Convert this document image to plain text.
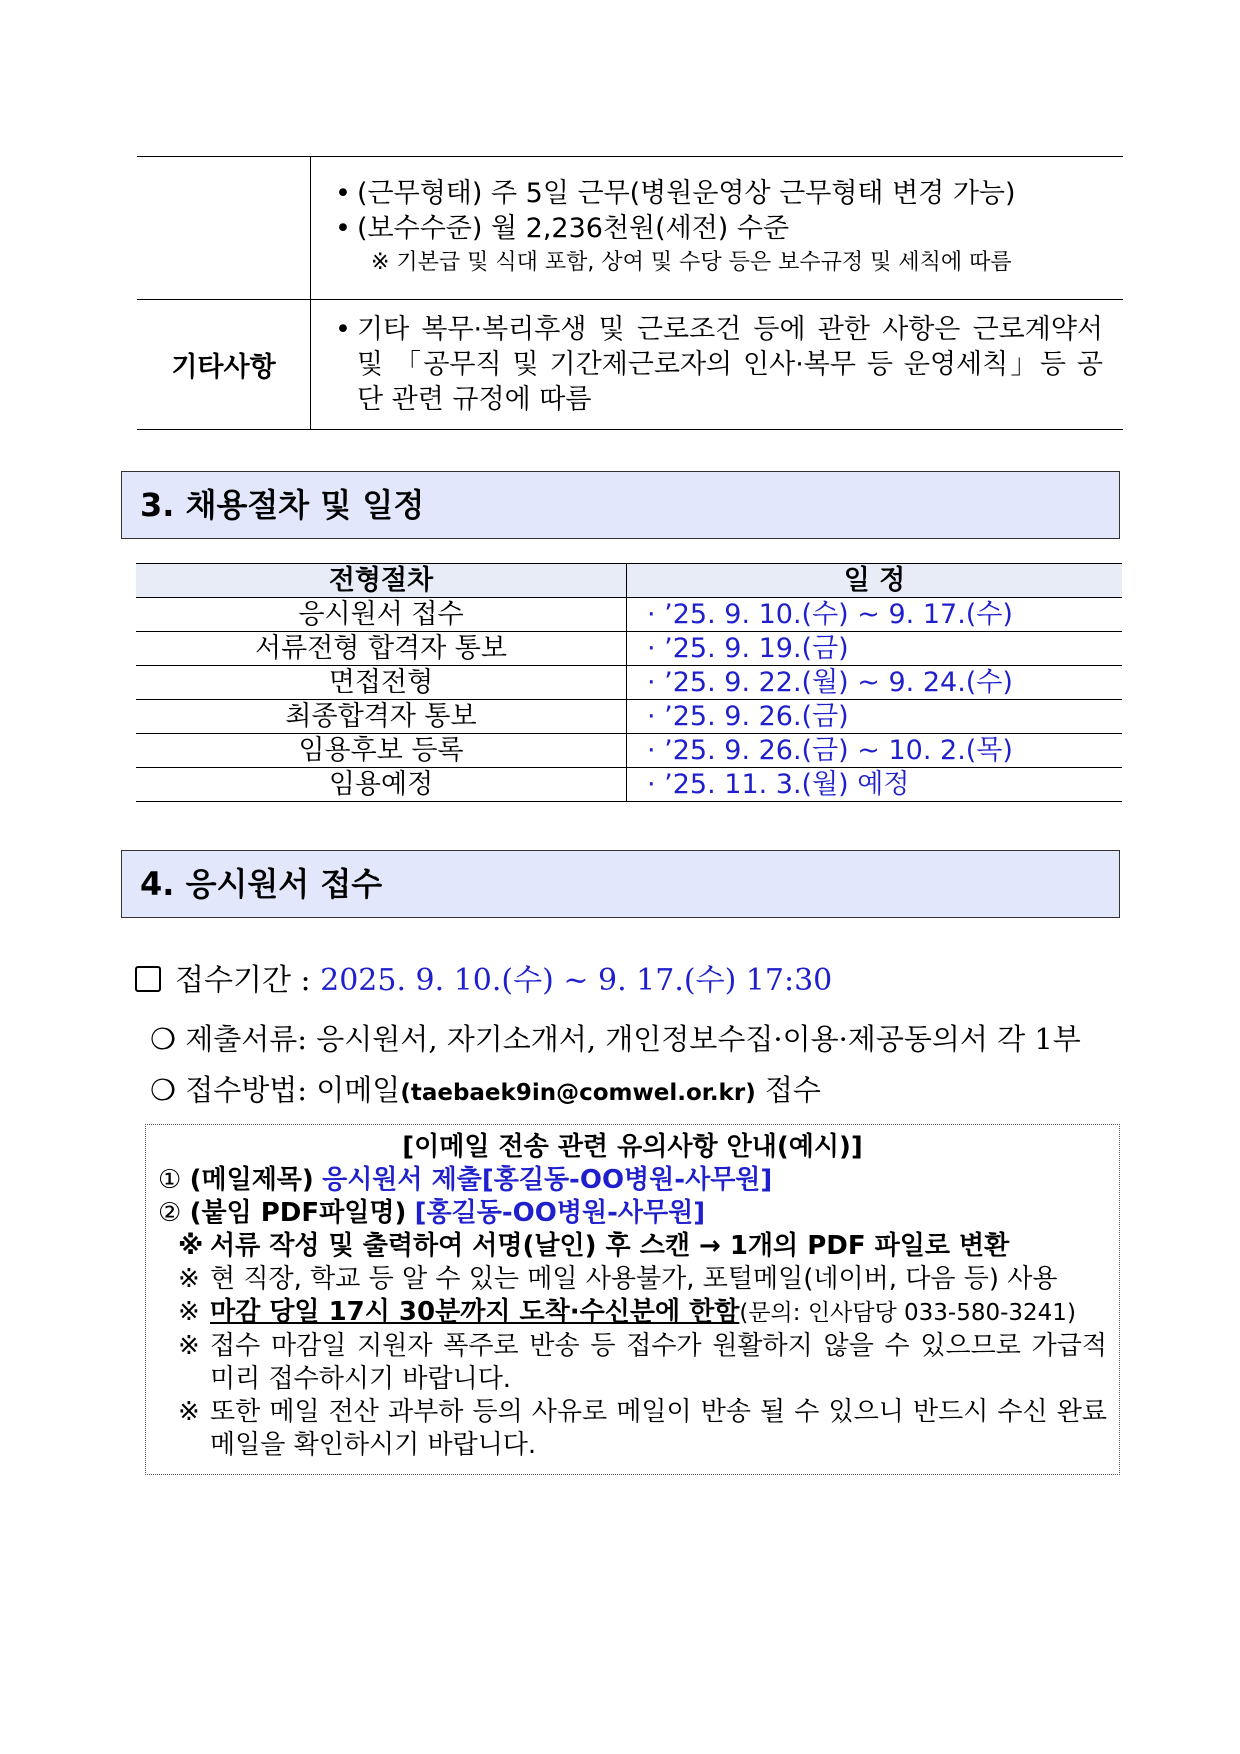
	• (근무형태) 주 5일 근무(병원운영상 근무형태 변경 가능)
• (보수수준) 월 2,236천원(세전) 수준
※ 기본급 및 식대 포함, 상여 및 수당 등은 보수규정 및 세칙에 따름

기타사항	• 기타 복무·복리후생 및 근로조건 등에 관한 사항은 근로계약서 및 「공무직 및 기간제근로자의 인사·복무 등 운영세칙」등 공단 관련 규정에 따름
3. 채용절차 및 일정
전형절차	일 정
응시원서 접수	· ’25. 9. 10.(수) ~ 9. 17.(수)
서류전형 합격자 통보	· ’25. 9. 19.(금)
면접전형	· ’25. 9. 22.(월) ~ 9. 24.(수)
최종합격자 통보	· ’25. 9. 26.(금)
임용후보 등록	· ’25. 9. 26.(금) ~ 10. 2.(목)
임용예정	· ’25. 11. 3.(월) 예정
4. 응시원서 접수
접수기간 : 2025. 9. 10.(수) ~ 9. 17.(수) 17:30
❍ 제출서류: 응시원서, 자기소개서, 개인정보수집·이용·제공동의서 각 1부
❍ 접수방법: 이메일(taebaek9in@comwel.or.kr) 접수
[이메일 전송 관련 유의사항 안내(예시)]
① (메일제목) 응시원서 제출[홍길동-OO병원-사무원]
② (붙임 PDF파일명) [홍길동-OO병원-사무원]
※ 서류 작성 및 출력하여 서명(날인) 후 스캔 → 1개의 PDF 파일로 변환
※ 현 직장, 학교 등 알 수 있는 메일 사용불가, 포털메일(네이버, 다음 등) 사용
※ 마감 당일 17시 30분까지 도착·수신분에 한함(문의: 인사담당 033-580-3241)
※ 접수 마감일 지원자 폭주로 반송 등 접수가 원활하지 않을 수 있으므로 가급적 미리 접수하시기 바랍니다.
※ 또한 메일 전산 과부하 등의 사유로 메일이 반송 될 수 있으니 반드시 수신 완료 메일을 확인하시기 바랍니다.
